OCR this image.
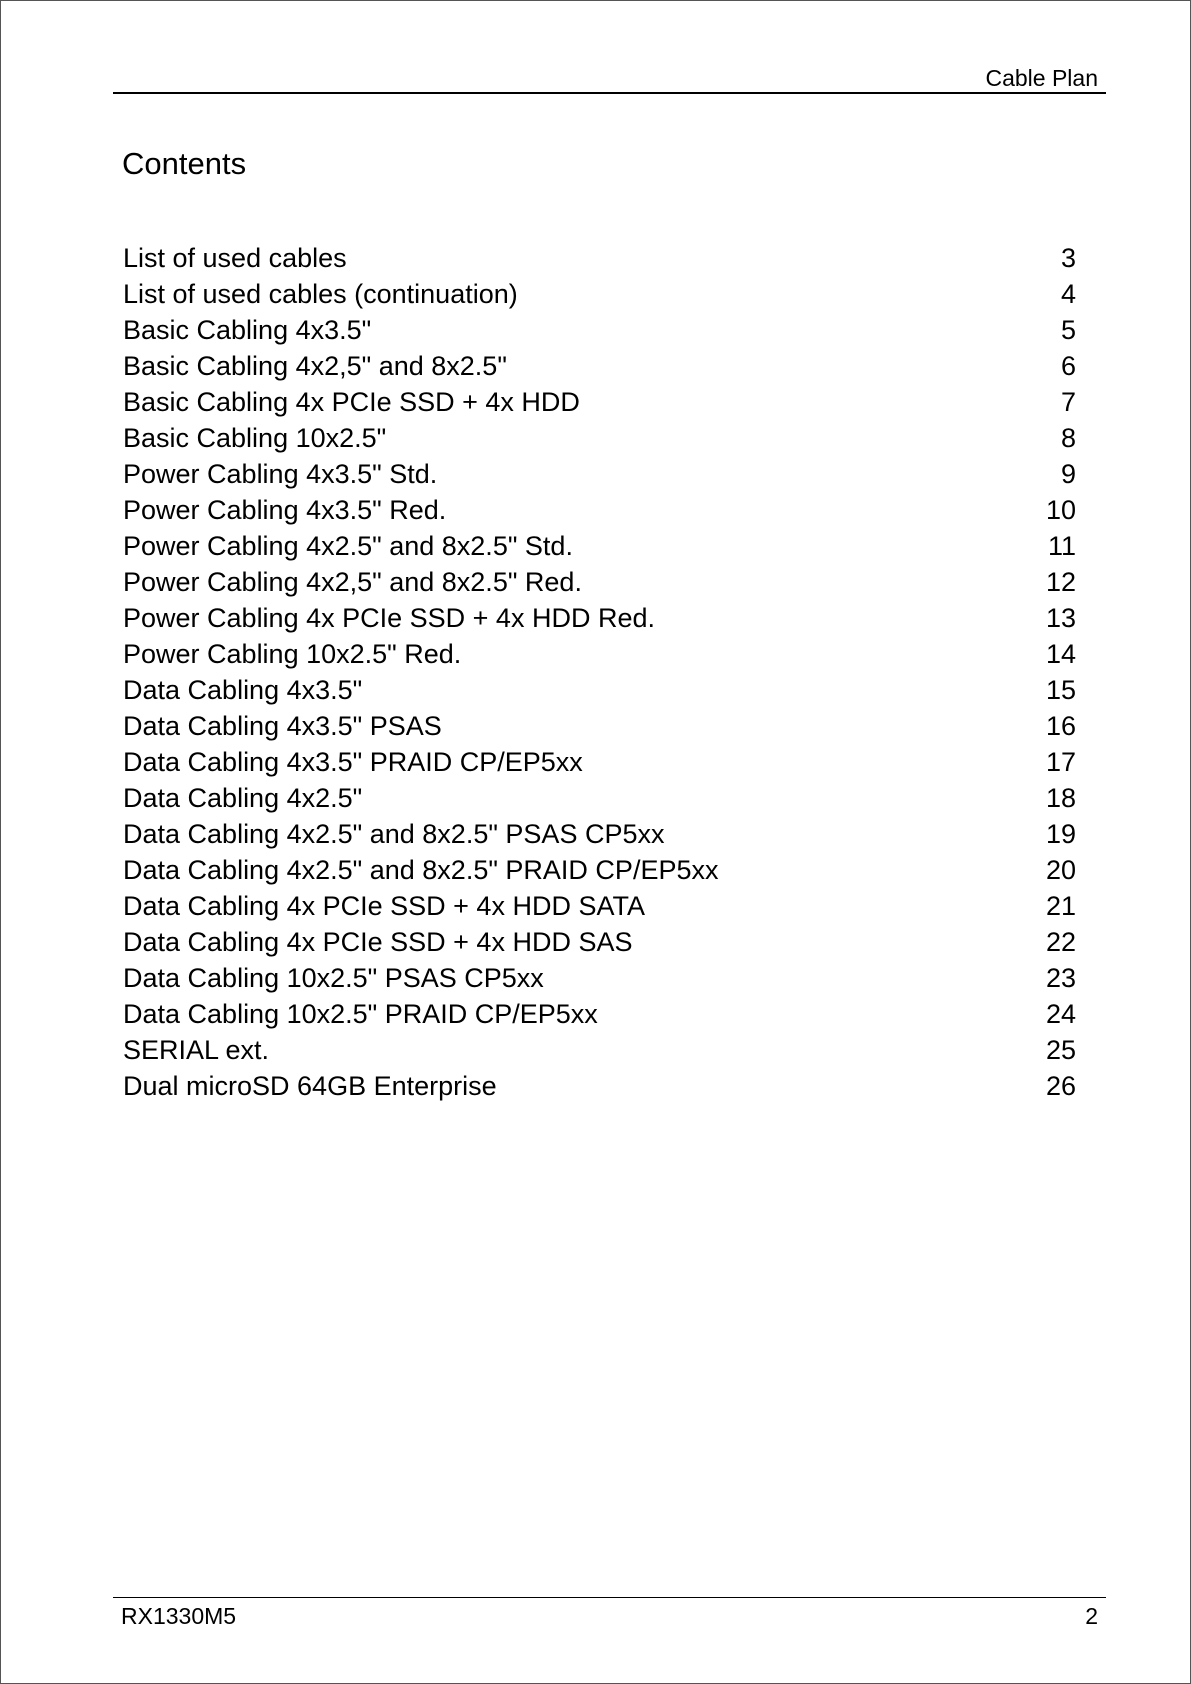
Cable Plan
Contents
List of used cables	3
List of used cables (continuation)	4
Basic Cabling 4x3.5"	5
Basic Cabling 4x2,5" and 8x2.5"	6
Basic Cabling 4x PCIe SSD + 4x HDD	7
Basic Cabling 10x2.5"	8
Power Cabling 4x3.5" Std.	9
Power Cabling 4x3.5" Red.	10
Power Cabling 4x2.5" and 8x2.5" Std.	11
Power Cabling 4x2,5" and 8x2.5" Red.	12
Power Cabling 4x PCIe SSD + 4x HDD Red.	13
Power Cabling 10x2.5" Red.	14
Data Cabling 4x3.5"	15
Data Cabling 4x3.5" PSAS	16
Data Cabling 4x3.5" PRAID CP/EP5xx	17
Data Cabling 4x2.5"	18
Data Cabling 4x2.5" and 8x2.5" PSAS CP5xx	19
Data Cabling 4x2.5" and 8x2.5" PRAID CP/EP5xx	20
Data Cabling 4x PCIe SSD + 4x HDD SATA	21
Data Cabling 4x PCIe SSD + 4x HDD SAS	22
Data Cabling 10x2.5" PSAS CP5xx	23
Data Cabling 10x2.5" PRAID CP/EP5xx	24
SERIAL ext.	25
Dual microSD 64GB Enterprise	26
RX1330M5	2
